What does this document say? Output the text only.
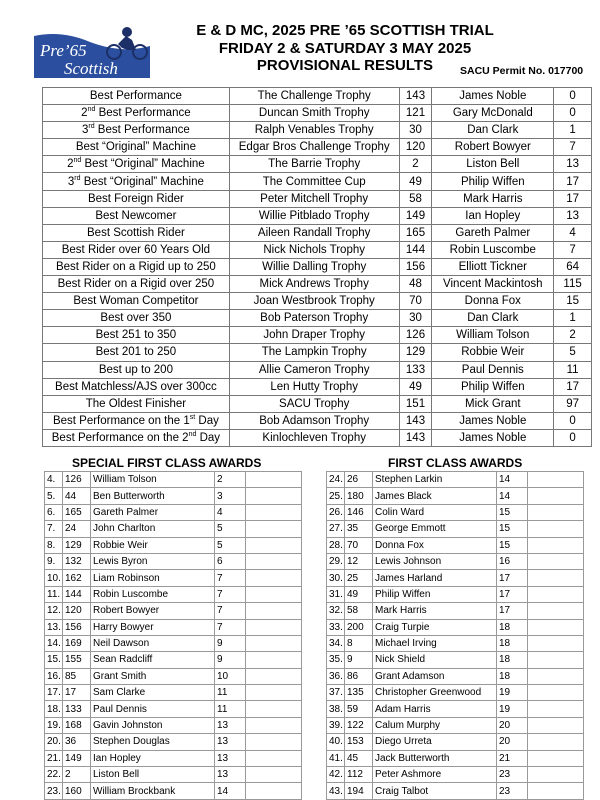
Pre’65
Scottish
E & D MC, 2025 PRE ’65 SCOTTISH TRIAL
FRIDAY 2 & SATURDAY 3 MAY 2025
PROVISIONAL RESULTS	SACU Permit No. 017700
Best Performance	The Challenge Trophy	143	James Noble	0
2nd Best Performance	Duncan Smith Trophy	121	Gary McDonald	0
3rd Best Performance	Ralph Venables Trophy	30	Dan Clark	1
Best “Original” Machine	Edgar Bros Challenge Trophy	120	Robert Bowyer	7
2nd Best “Original” Machine	The Barrie Trophy	2	Liston Bell	13
3rd Best “Original” Machine	The Committee Cup	49	Philip Wiffen	17
Best Foreign Rider	Peter Mitchell Trophy	58	Mark Harris	17
Best Newcomer	Willie Pitblado Trophy	149	Ian Hopley	13
Best Scottish Rider	Aileen Randall Trophy	165	Gareth Palmer	4
Best Rider over 60 Years Old	Nick Nichols Trophy	144	Robin Luscombe	7
Best Rider on a Rigid up to 250	Willie Dalling Trophy	156	Elliott Tickner	64
Best Rider on a Rigid over 250	Mick Andrews Trophy	48	Vincent Mackintosh	115
Best Woman Competitor	Joan Westbrook Trophy	70	Donna Fox	15
Best over 350	Bob Paterson Trophy	30	Dan Clark	1
Best 251 to 350	John Draper Trophy	126	William Tolson	2
Best 201 to 250	The Lampkin Trophy	129	Robbie Weir	5
Best up to 200	Allie Cameron Trophy	133	Paul Dennis	11
Best Matchless/AJS over 300cc	Len Hutty Trophy	49	Philip Wiffen	17
The Oldest Finisher	SACU Trophy	151	Mick Grant	97
Best Performance on the 1st Day	Bob Adamson Trophy	143	James Noble	0
Best Performance on the 2nd Day	Kinlochleven Trophy	143	James Noble	0
SPECIAL FIRST CLASS AWARDS	FIRST CLASS AWARDS
4.	126	William Tolson	2	
5.	44	Ben Butterworth	3	
6.	165	Gareth Palmer	4	
7.	24	John Charlton	5	
8.	129	Robbie Weir	5	
9.	132	Lewis Byron	6	
10.	162	Liam Robinson	7	
11.	144	Robin Luscombe	7	
12.	120	Robert Bowyer	7	
13.	156	Harry Bowyer	7	
14.	169	Neil Dawson	9	
15.	155	Sean Radcliff	9	
16.	85	Grant Smith	10	
17.	17	Sam Clarke	11	
18.	133	Paul Dennis	11	
19.	168	Gavin Johnston	13	
20.	36	Stephen Douglas	13	
21.	149	Ian Hopley	13	
22.	2	Liston Bell	13	
23.	160	William Brockbank	14	
24.	26	Stephen Larkin	14	
25.	180	James Black	14	
26.	146	Colin Ward	15	
27.	35	George Emmott	15	
28.	70	Donna Fox	15	
29.	12	Lewis Johnson	16	
30.	25	James Harland	17	
31.	49	Philip Wiffen	17	
32.	58	Mark Harris	17	
33.	200	Craig Turpie	18	
34.	8	Michael Irving	18	
35.	9	Nick Shield	18	
36.	86	Grant Adamson	18	
37.	135	Christopher Greenwood	19	
38.	59	Adam Harris	19	
39.	122	Calum Murphy	20	
40.	153	Diego Urreta	20	
41.	45	Jack Butterworth	21	
42.	112	Peter Ashmore	23	
43.	194	Craig Talbot	23	
